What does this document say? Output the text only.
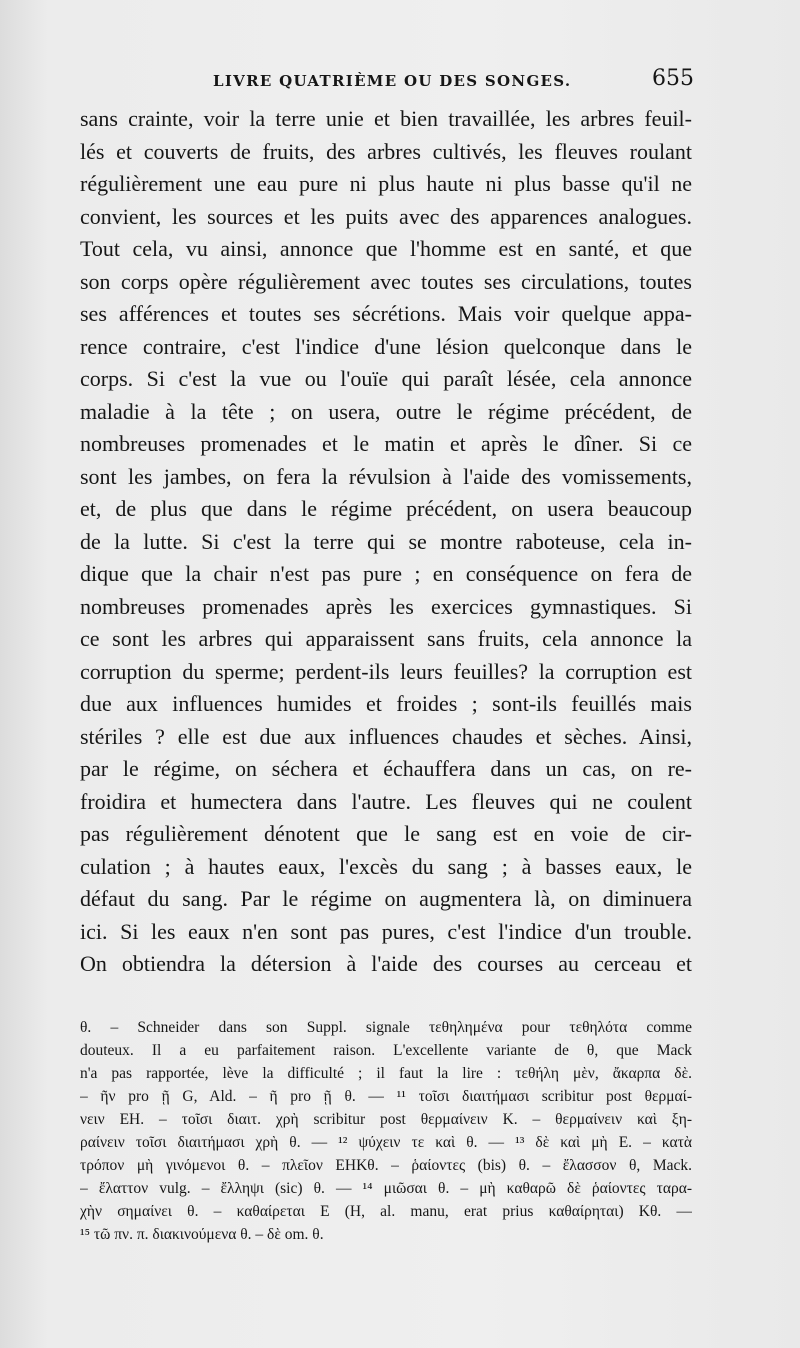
LIVRE QUATRIÈME OU DES SONGES.	655
sans crainte, voir la terre unie et bien travaillée, les arbres feuil-
lés et couverts de fruits, des arbres cultivés, les fleuves roulant
régulièrement une eau pure ni plus haute ni plus basse qu'il ne
convient, les sources et les puits avec des apparences analogues.
Tout cela, vu ainsi, annonce que l'homme est en santé, et que
son corps opère régulièrement avec toutes ses circulations, toutes
ses afférences et toutes ses sécrétions. Mais voir quelque appa-
rence contraire, c'est l'indice d'une lésion quelconque dans le
corps. Si c'est la vue ou l'ouïe qui paraît lésée, cela annonce
maladie à la tête ; on usera, outre le régime précédent, de
nombreuses promenades et le matin et après le dîner. Si ce
sont les jambes, on fera la révulsion à l'aide des vomissements,
et, de plus que dans le régime précédent, on usera beaucoup
de la lutte. Si c'est la terre qui se montre raboteuse, cela in-
dique que la chair n'est pas pure ; en conséquence on fera de
nombreuses promenades après les exercices gymnastiques. Si
ce sont les arbres qui apparaissent sans fruits, cela annonce la
corruption du sperme; perdent-ils leurs feuilles? la corruption est
due aux influences humides et froides ; sont-ils feuillés mais
stériles ? elle est due aux influences chaudes et sèches. Ainsi,
par le régime, on séchera et échauffera dans un cas, on re-
froidira et humectera dans l'autre. Les fleuves qui ne coulent
pas régulièrement dénotent que le sang est en voie de cir-
culation ; à hautes eaux, l'excès du sang ; à basses eaux, le
défaut du sang. Par le régime on augmentera là, on diminuera
ici. Si les eaux n'en sont pas pures, c'est l'indice d'un trouble.
On obtiendra la détersion à l'aide des courses au cerceau et
θ. – Schneider dans son Suppl. signale τεθηλημένα pour τεθηλότα comme
douteux. Il a eu parfaitement raison. L'excellente variante de θ, que Mack
n'a pas rapportée, lève la difficulté ; il faut la lire : τεθήλη μὲν, ἄκαρπα δὲ.
– ῆν pro ῇ G, Ald. – ῆ pro ῇ θ. — ¹¹ τοῖσι διαιτήμασι scribitur post θερμαί-
νειν EH. – τοῖσι διαιτ. χρὴ scribitur post θερμαίνειν K. – θερμαίνειν καὶ ξη-
ραίνειν τοῖσι διαιτήμασι χρὴ θ. — ¹² ψύχειν τε καὶ θ. — ¹³ δὲ καὶ μὴ E. – κατὰ
τρόπον μὴ γινόμενοι θ. – πλεῖον EHKθ. – ῥαίοντες (bis) θ. – ἔλασσον θ, Mack.
– ἔλαττον vulg. – ἔλληψι (sic) θ. — ¹⁴ μιῶσαι θ. – μὴ καθαρῶ δὲ ῥαίοντες ταρα-
χὴν σημαίνει θ. – καθαίρεται E (H, al. manu, erat prius καθαίρηται) Kθ. —
¹⁵ τῶ πν. π. διακινούμενα θ. – δὲ om. θ.
